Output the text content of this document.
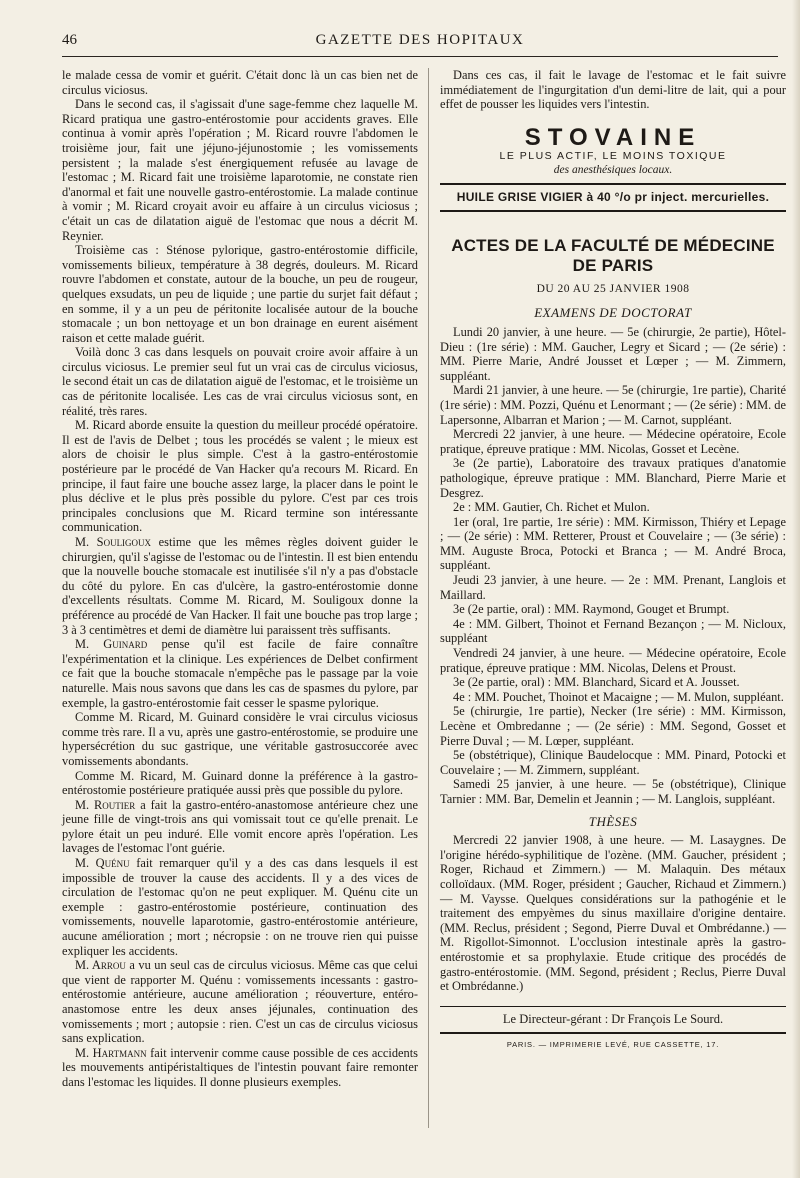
46	GAZETTE DES HOPITAUX

le malade cessa de vomir et guérit. C'était donc là un cas bien net de circulus viciosus.

Dans le second cas, il s'agissait d'une sage-femme chez laquelle M. Ricard pratiqua une gastro-entérostomie pour accidents graves. Elle continua à vomir après l'opération ; M. Ricard rouvre l'abdomen le troisième jour, fait une jéjuno-jéjunostomie ; les vomissements persistent ; la malade s'est énergiquement refusée au lavage de l'estomac ; M. Ricard fait une troisième laparotomie, ne constate rien d'anormal et fait une nouvelle gastro-entérostomie. La malade continue à vomir ; M. Ricard croyait avoir eu affaire à un circulus viciosus ; c'était un cas de dilatation aiguë de l'estomac que nous a décrit M. Reynier.

Troisième cas : Sténose pylorique, gastro-entérostomie difficile, vomissements bilieux, température à 38 degrés, douleurs. M. Ricard rouvre l'abdomen et constate, autour de la bouche, un peu de rougeur, quelques exsudats, un peu de liquide ; une partie du surjet fait défaut ; en somme, il y a un peu de péritonite localisée autour de la bouche stomacale ; un bon nettoyage et un bon drainage en eurent aisément raison et cette malade guérit.

Voilà donc 3 cas dans lesquels on pouvait croire avoir affaire à un circulus viciosus. Le premier seul fut un vrai cas de circulus viciosus, le second était un cas de dilatation aiguë de l'estomac, et le troisième un cas de péritonite localisée. Les cas de vrai circulus viciosus sont, en réalité, très rares.

M. Ricard aborde ensuite la question du meilleur procédé opératoire. Il est de l'avis de Delbet ; tous les procédés se valent ; le mieux est alors de choisir le plus simple. C'est à la gastro-entérostomie postérieure par le procédé de Van Hacker qu'a recours M. Ricard. En principe, il faut faire une bouche assez large, la placer dans le point le plus déclive et le plus près possible du pylore. C'est par ces trois principales conclusions que M. Ricard termine son intéressante communication.

M. Souligoux estime que les mêmes règles doivent guider le chirurgien, qu'il s'agisse de l'estomac ou de l'intestin. Il est bien entendu que la nouvelle bouche stomacale est inutilisée s'il n'y a pas d'obstacle du côté du pylore. En cas d'ulcère, la gastro-entérostomie donne d'excellents résultats. Comme M. Ricard, M. Souligoux donne la préférence au procédé de Van Hacker. Il fait une bouche pas trop large ; 3 à 3 centimètres et demi de diamètre lui paraissent très suffisants.

M. Guinard pense qu'il est facile de faire connaître l'expérimentation et la clinique. Les expériences de Delbet confirment ce fait que la bouche stomacale n'empêche pas le passage par la voie naturelle. Mais nous savons que dans les cas de spasmes du pylore, par exemple, la gastro-entérostomie fait cesser le spasme pylorique.

Comme M. Ricard, M. Guinard considère le vrai circulus viciosus comme très rare. Il a vu, après une gastro-entérostomie, se produire une hypersécrétion du suc gastrique, une véritable gastrosuccorée avec vomissements abondants.

Comme M. Ricard, M. Guinard donne la préférence à la gastro-entérostomie postérieure pratiquée aussi près que possible du pylore.

M. Routier a fait la gastro-entéro-anastomose antérieure chez une jeune fille de vingt-trois ans qui vomissait tout ce qu'elle prenait. Le pylore était un peu induré. Elle vomit encore après l'opération. Les lavages de l'estomac l'ont guérie.

M. Quénu fait remarquer qu'il y a des cas dans lesquels il est impossible de trouver la cause des accidents. Il y a des vices de circulation de l'estomac qu'on ne peut expliquer. M. Quénu cite un exemple : gastro-entérostomie postérieure, continuation des vomissements, nouvelle laparotomie, gastro-entérostomie antérieure, aucune amélioration ; mort ; nécropsie : on ne trouve rien qui puisse expliquer les accidents.

M. Arrou a vu un seul cas de circulus viciosus. Même cas que celui que vient de rapporter M. Quénu : vomissements incessants : gastro-entérostomie antérieure, aucune amélioration ; réouverture, entéro-anastomose entre les deux anses jéjunales, continuation des vomissements ; mort ; autopsie : rien. C'est un cas de circulus viciosus sans explication.

M. Hartmann fait intervenir comme cause possible de ces accidents les mouvements antipéristaltiques de l'intestin pouvant faire remonter dans l'estomac les liquides. Il donne plusieurs exemples.

Dans ces cas, il fait le lavage de l'estomac et le fait suivre immédiatement de l'ingurgitation d'un demi-litre de lait, qui a pour effet de pousser les liquides vers l'intestin.

STOVAINE
LE PLUS ACTIF, LE MOINS TOXIQUE
des anesthésiques locaux.
HUILE GRISE VIGIER à 40 °/o pr inject. mercurielles.
ACTES DE LA FACULTÉ DE MÉDECINE DE PARIS
DU 20 AU 25 JANVIER 1908
EXAMENS DE DOCTORAT

Lundi 20 janvier, à une heure. — 5e (chirurgie, 2e partie), Hôtel-Dieu : (1re série) : MM. Gaucher, Legry et Sicard ; — (2e série) : MM. Pierre Marie, André Jousset et Lœper ; — M. Zimmern, suppléant.

Mardi 21 janvier, à une heure. — 5e (chirurgie, 1re partie), Charité (1re série) : MM. Pozzi, Quénu et Lenormant ; — (2e série) : MM. de Lapersonne, Albarran et Marion ; — M. Carnot, suppléant.

Mercredi 22 janvier, à une heure. — Médecine opératoire, Ecole pratique, épreuve pratique : MM. Nicolas, Gosset et Lecène.

3e (2e partie), Laboratoire des travaux pratiques d'anatomie pathologique, épreuve pratique : MM. Blanchard, Pierre Marie et Desgrez.

2e : MM. Gautier, Ch. Richet et Mulon.

1er (oral, 1re partie, 1re série) : MM. Kirmisson, Thiéry et Lepage ; — (2e série) : MM. Retterer, Proust et Couvelaire ; — (3e série) : MM. Auguste Broca, Potocki et Branca ; — M. André Broca, suppléant.

Jeudi 23 janvier, à une heure. — 2e : MM. Prenant, Langlois et Maillard.

3e (2e partie, oral) : MM. Raymond, Gouget et Brumpt.

4e : MM. Gilbert, Thoinot et Fernand Bezançon ; — M. Nicloux, suppléant

Vendredi 24 janvier, à une heure. — Médecine opératoire, Ecole pratique, épreuve pratique : MM. Nicolas, Delens et Proust.

3e (2e partie, oral) : MM. Blanchard, Sicard et A. Jousset.

4e : MM. Pouchet, Thoinot et Macaigne ; — M. Mulon, suppléant.

5e (chirurgie, 1re partie), Necker (1re série) : MM. Kirmisson, Lecène et Ombredanne ; — (2e série) : MM. Segond, Gosset et Pierre Duval ; — M. Lœper, suppléant.

5e (obstétrique), Clinique Baudelocque : MM. Pinard, Potocki et Couvelaire ; — M. Zimmern, suppléant.

Samedi 25 janvier, à une heure. — 5e (obstétrique), Clinique Tarnier : MM. Bar, Demelin et Jeannin ; — M. Langlois, suppléant.

THÈSES

Mercredi 22 janvier 1908, à une heure. — M. Lasaygnes. De l'origine hérédo-syphilitique de l'ozène. (MM. Gaucher, président ; Roger, Richaud et Zimmern.) — M. Malaquin. Des métaux colloïdaux. (MM. Roger, président ; Gaucher, Richaud et Zimmern.) — M. Vaysse. Quelques considérations sur la pathogénie et le traitement des empyèmes du sinus maxillaire d'origine dentaire. (MM. Reclus, président ; Segond, Pierre Duval et Ombrédanne.) — M. Rigollot-Simonnot. L'occlusion intestinale après la gastro-entérostomie et sa prophylaxie. Etude critique des procédés de gastro-entérostomie. (MM. Segond, président ; Reclus, Pierre Duval et Ombrédanne.)

Le Directeur-gérant : Dr François Le Sourd.
PARIS. — IMPRIMERIE LEVÉ, RUE CASSETTE, 17.
